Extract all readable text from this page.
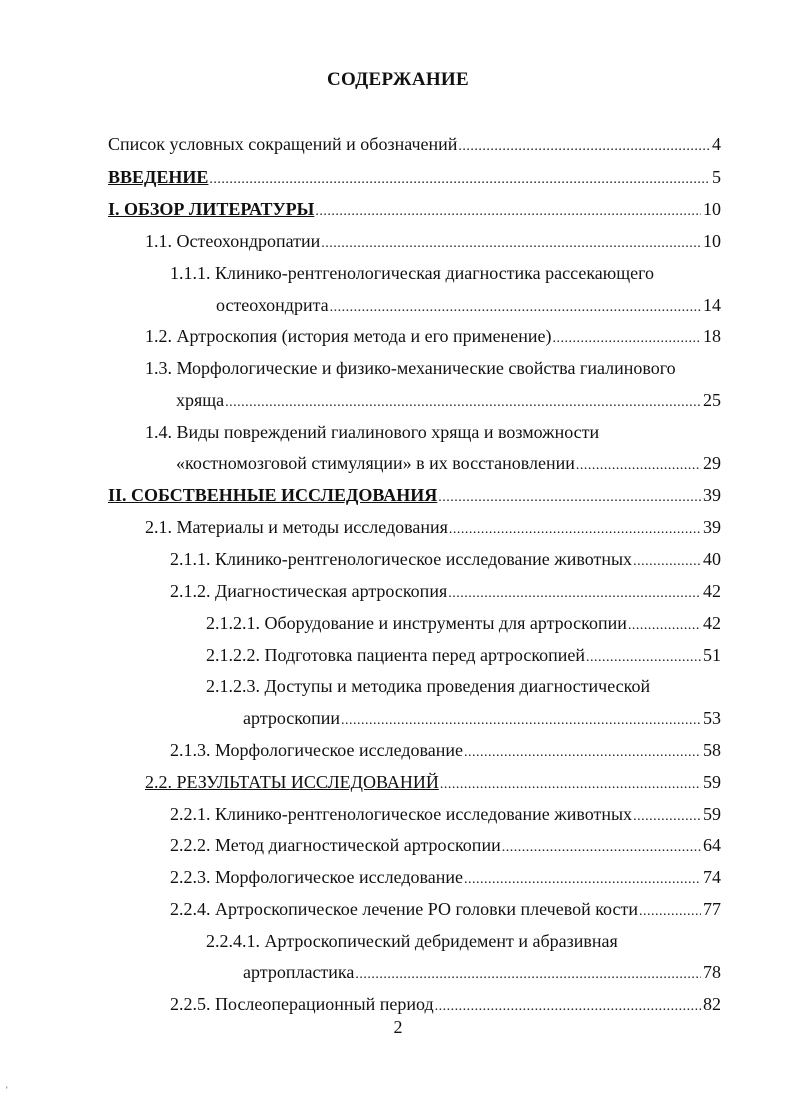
СОДЕРЖАНИЕ
Список условных сокращений и обозначений .....	4
ВВЕДЕНИЕ .....	5
I. ОБЗОР ЛИТЕРАТУРЫ .....	10
1.1. Остеохондропатии .....	10
1.1.1. Клинико-рентгенологическая диагностика рассекающего
остеохондрита .....	14
1.2. Артроскопия (история метода и его применение) .....	18
1.3. Морфологические и физико-механические свойства гиалинового
хряща .....	25
1.4. Виды повреждений гиалинового хряща и возможности
«костномозговой стимуляции» в их восстановлении .....	29
II. СОБСТВЕННЫЕ ИССЛЕДОВАНИЯ .....	39
2.1. Материалы и методы исследования .....	39
2.1.1. Клинико-рентгенологическое исследование животных .....	40
2.1.2. Диагностическая артроскопия .....	42
2.1.2.1. Оборудование и инструменты для артроскопии .....	42
2.1.2.2. Подготовка пациента перед артроскопией .....	51
2.1.2.3. Доступы и методика проведения диагностической
артроскопии .....	53
2.1.3. Морфологическое исследование .....	58
2.2. РЕЗУЛЬТАТЫ ИССЛЕДОВАНИЙ .....	59
2.2.1. Клинико-рентгенологическое исследование животных .....	59
2.2.2. Метод диагностической артроскопии .....	64
2.2.3. Морфологическое исследование .....	74
2.2.4. Артроскопическое лечение РО головки плечевой кости .....	77
2.2.4.1. Артроскопический дебридемент и абразивная
артропластика .....	78
2.2.5. Послеоперационный период .....	82
2
'
